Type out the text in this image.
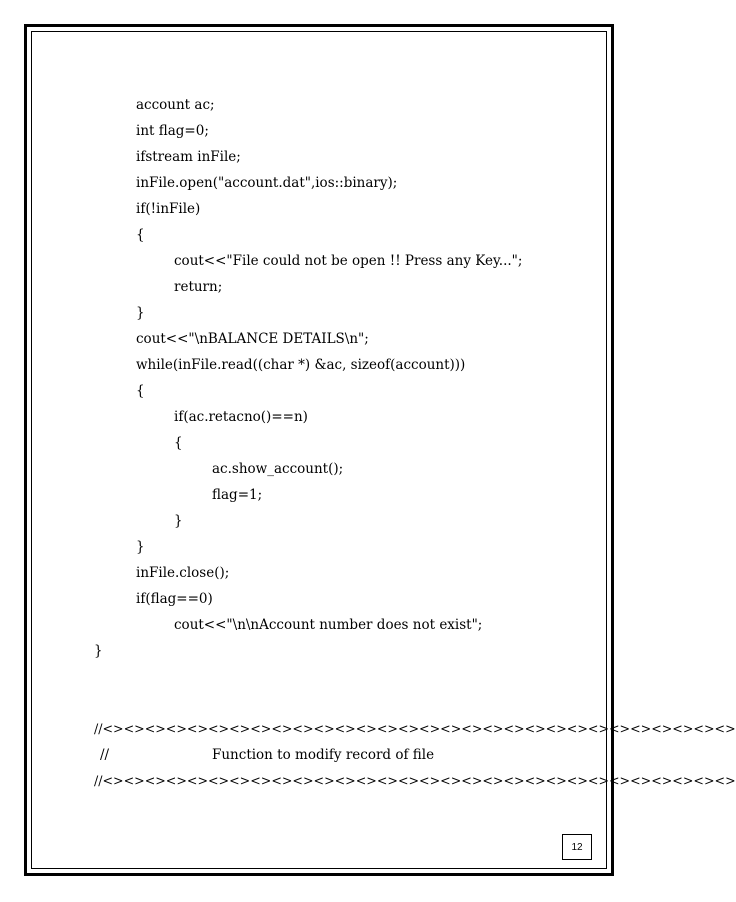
account ac;
int flag=0;
ifstream inFile;
inFile.open("account.dat",ios::binary);
if(!inFile)
{
cout<<"File could not be open !! Press any Key...";
return;
}
cout<<"\nBALANCE DETAILS\n";
while(inFile.read((char *) &ac, sizeof(account)))
{
if(ac.retacno()==n)
{
ac.show_account();
flag=1;
}
}
inFile.close();
if(flag==0)
cout<<"\n\nAccount number does not exist";
}
//<><><><><><><><><><><><><><><><><><><><><><><><><><><><><><>
//	Function to modify record of file
//<><><><><><><><><><><><><><><><><><><><><><><><><><><><><><>
12
